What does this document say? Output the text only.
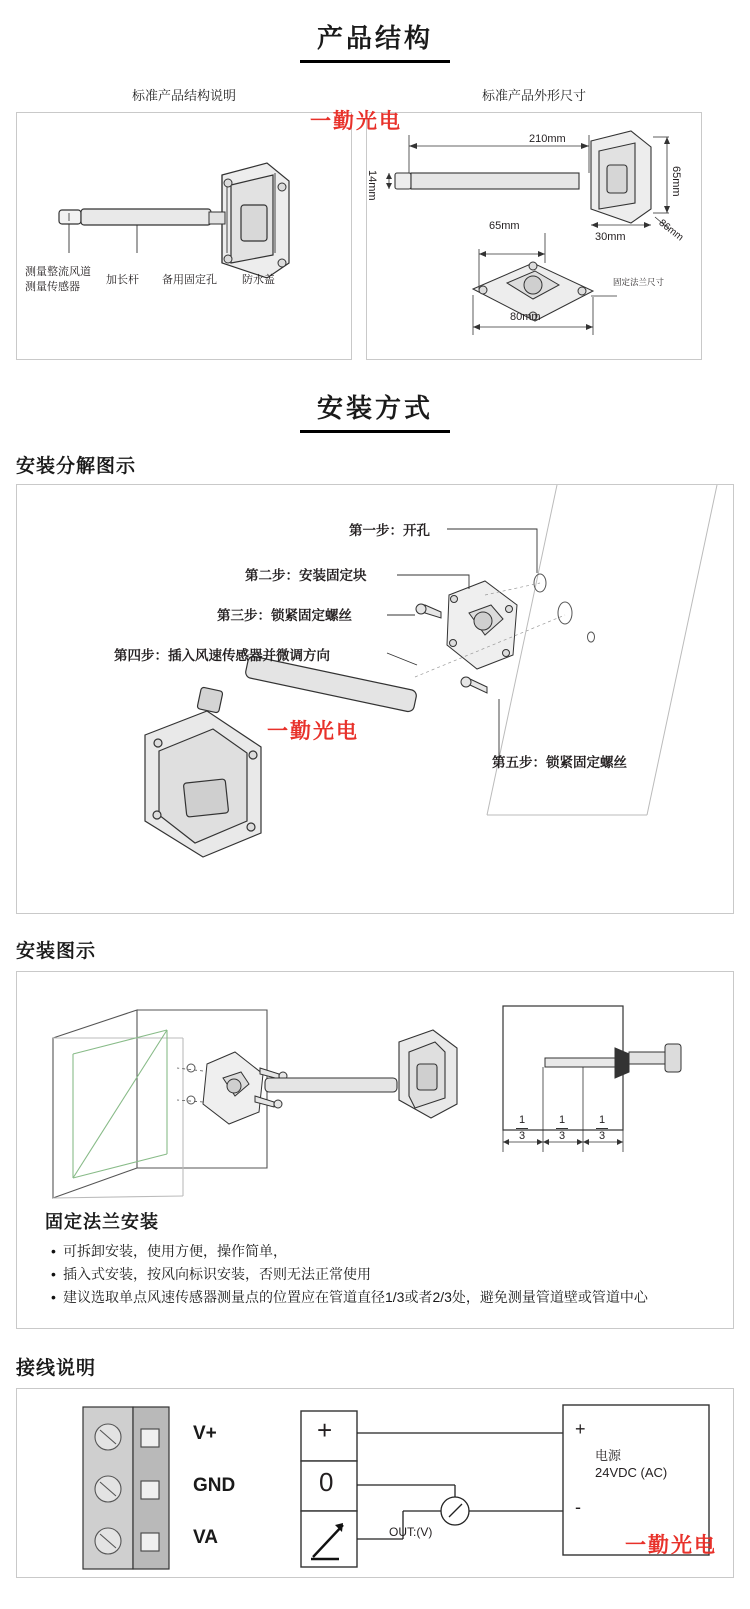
产品结构
标准产品结构说明	标准产品外形尺寸
测量整流风道
测量传感器
加长杆 备用固定孔 防水盖
210mm
14mm	65mm
86mm
65mm
30mm
80mm
固定法兰尺寸
一勤光电
安装方式
安装分解图示
第一步：开孔
第二步：安装固定块
第三步：锁紧固定螺丝
第四步：插入风速传感器并微调方向
第五步：锁紧固定螺丝
一勤光电
安装图示
1
3
1
3
1
3
固定法兰安装
• 可拆卸安装，使用方便，操作简单，
• 插入式安装，按风向标识安装，否则无法正常使用
• 建议选取单点风速传感器测量点的位置应在管道直径1/3或者2/3处，避免测量管道壁或管道中心
接线说明
V+
GND
VA
+
0
OUT:(V)
+
-
电源
24VDC (AC)
一勤光电
